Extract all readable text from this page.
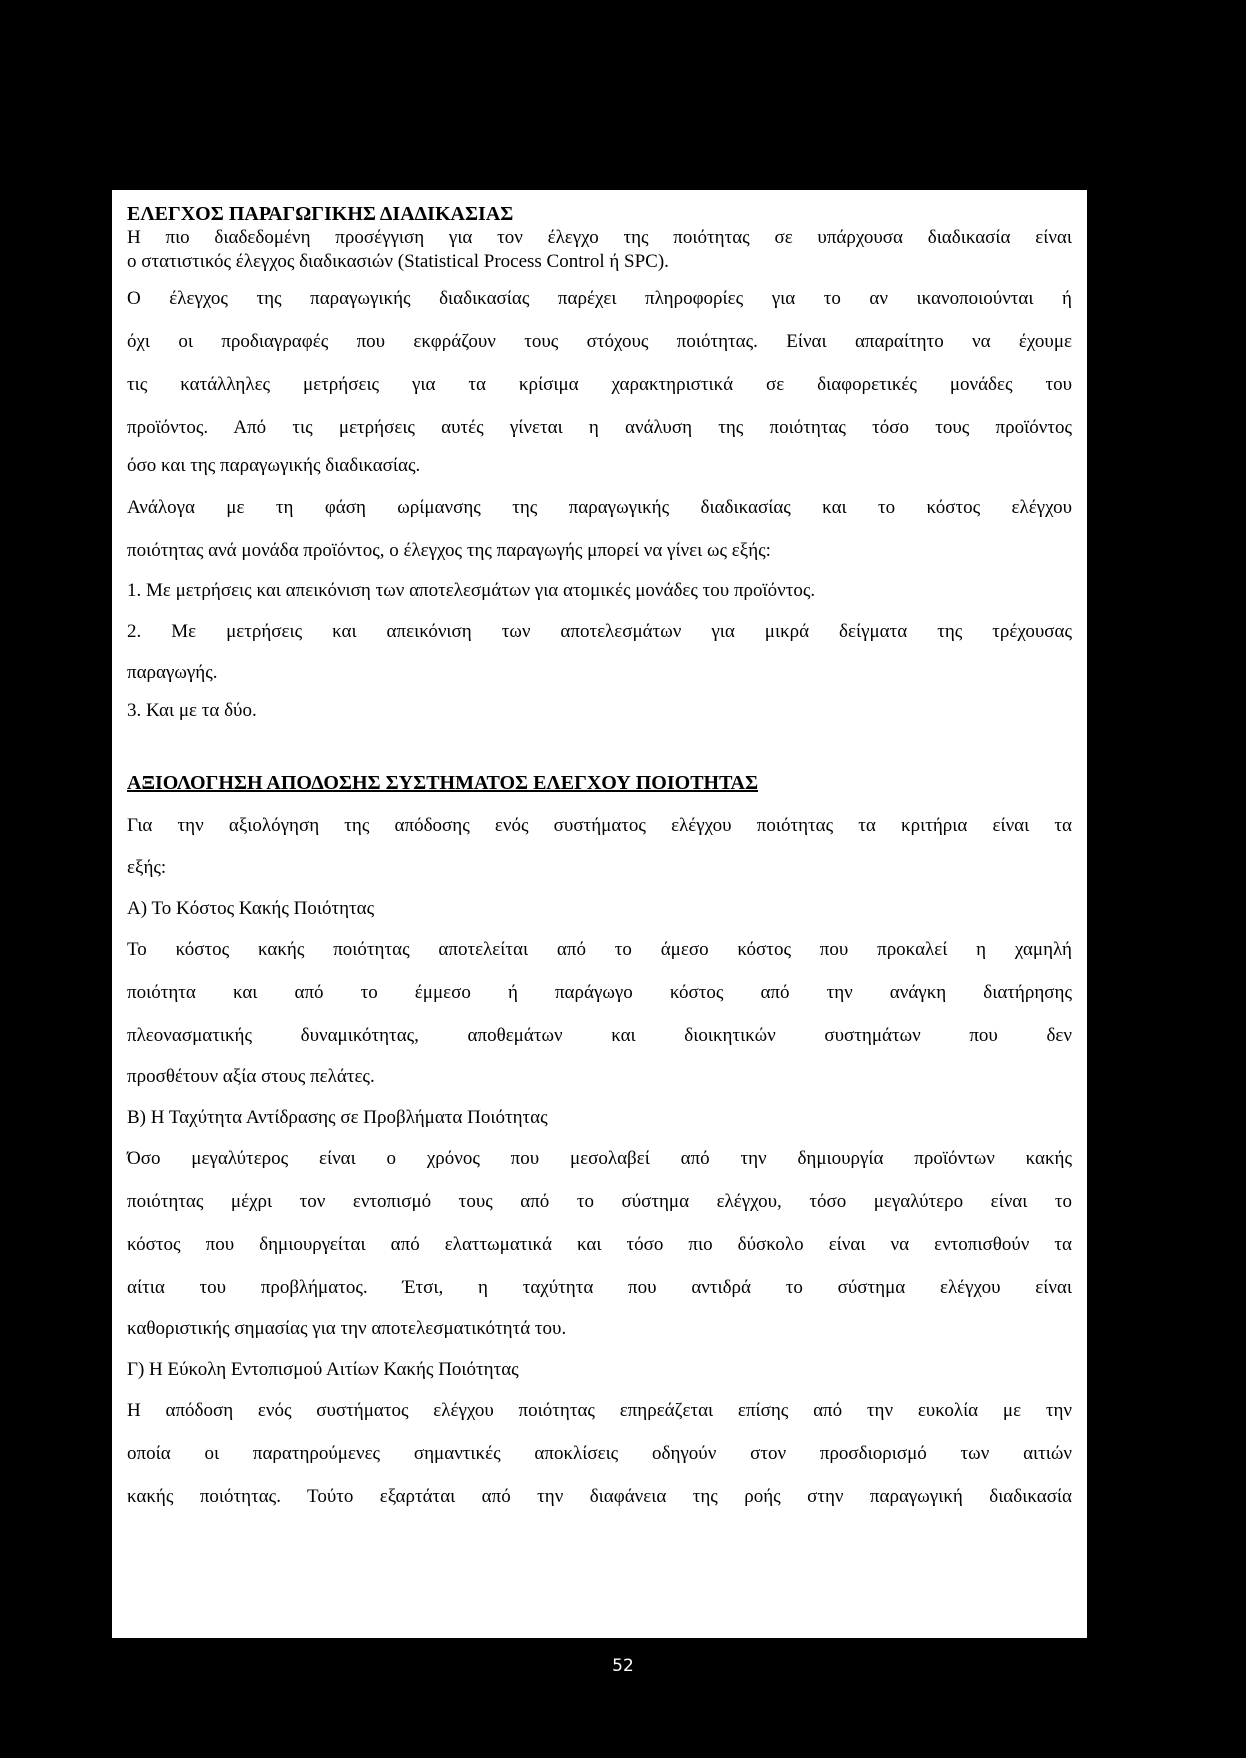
ΕΛΕΓΧΟΣ ΠΑΡΑΓΩΓΙΚΗΣ ΔΙΑΔΙΚΑΣΙΑΣ
Η πιο διαδεδομένη προσέγγιση για τον έλεγχο της ποιότητας σε υπάρχουσα διαδικασία είναι
ο στατιστικός έλεγχος διαδικασιών (Statistical Process Control ή SPC).
Ο έλεγχος της παραγωγικής διαδικασίας παρέχει πληροφορίες για το αν ικανοποιούνται ή
όχι οι προδιαγραφές που εκφράζουν τους στόχους ποιότητας. Είναι απαραίτητο να έχουμε
τις κατάλληλες μετρήσεις για τα κρίσιμα χαρακτηριστικά σε διαφορετικές μονάδες του
προϊόντος. Από τις μετρήσεις αυτές γίνεται η ανάλυση της ποιότητας τόσο τους προϊόντος
όσο και της παραγωγικής διαδικασίας.
Ανάλογα με τη φάση ωρίμανσης της παραγωγικής διαδικασίας και το κόστος ελέγχου
ποιότητας ανά μονάδα προϊόντος, ο έλεγχος της παραγωγής μπορεί να γίνει ως εξής:
1. Με μετρήσεις και απεικόνιση των αποτελεσμάτων για ατομικές μονάδες του προϊόντος.
2. Με μετρήσεις και απεικόνιση των αποτελεσμάτων για μικρά δείγματα της τρέχουσας
παραγωγής.
3. Και με τα δύο.
ΑΞΙΟΛΟΓΗΣΗ ΑΠΟΔΟΣΗΣ ΣΥΣΤΗΜΑΤΟΣ ΕΛΕΓΧΟΥ ΠΟΙΟΤΗΤΑΣ
Για την αξιολόγηση της απόδοσης ενός συστήματος ελέγχου ποιότητας τα κριτήρια είναι τα
εξής:
Α) Το Κόστος Κακής Ποιότητας
Το κόστος κακής ποιότητας αποτελείται από το άμεσο κόστος που προκαλεί η χαμηλή
ποιότητα και από το έμμεσο ή παράγωγο κόστος από την ανάγκη διατήρησης
πλεονασματικής δυναμικότητας, αποθεμάτων και διοικητικών συστημάτων που δεν
προσθέτουν αξία στους πελάτες.
Β) Η Ταχύτητα Αντίδρασης σε Προβλήματα Ποιότητας
Όσο μεγαλύτερος είναι ο χρόνος που μεσολαβεί από την δημιουργία προϊόντων κακής
ποιότητας μέχρι τον εντοπισμό τους από το σύστημα ελέγχου, τόσο μεγαλύτερο είναι το
κόστος που δημιουργείται από ελαττωματικά και τόσο πιο δύσκολο είναι να εντοπισθούν τα
αίτια του προβλήματος. Έτσι, η ταχύτητα που αντιδρά το σύστημα ελέγχου είναι
καθοριστικής σημασίας για την αποτελεσματικότητά του.
Γ) Η Εύκολη Εντοπισμού Αιτίων Κακής Ποιότητας
Η απόδοση ενός συστήματος ελέγχου ποιότητας επηρεάζεται επίσης από την ευκολία με την
οποία οι παρατηρούμενες σημαντικές αποκλίσεις οδηγούν στον προσδιορισμό των αιτιών
κακής ποιότητας. Τούτο εξαρτάται από την διαφάνεια της ροής στην παραγωγική διαδικασία
52
